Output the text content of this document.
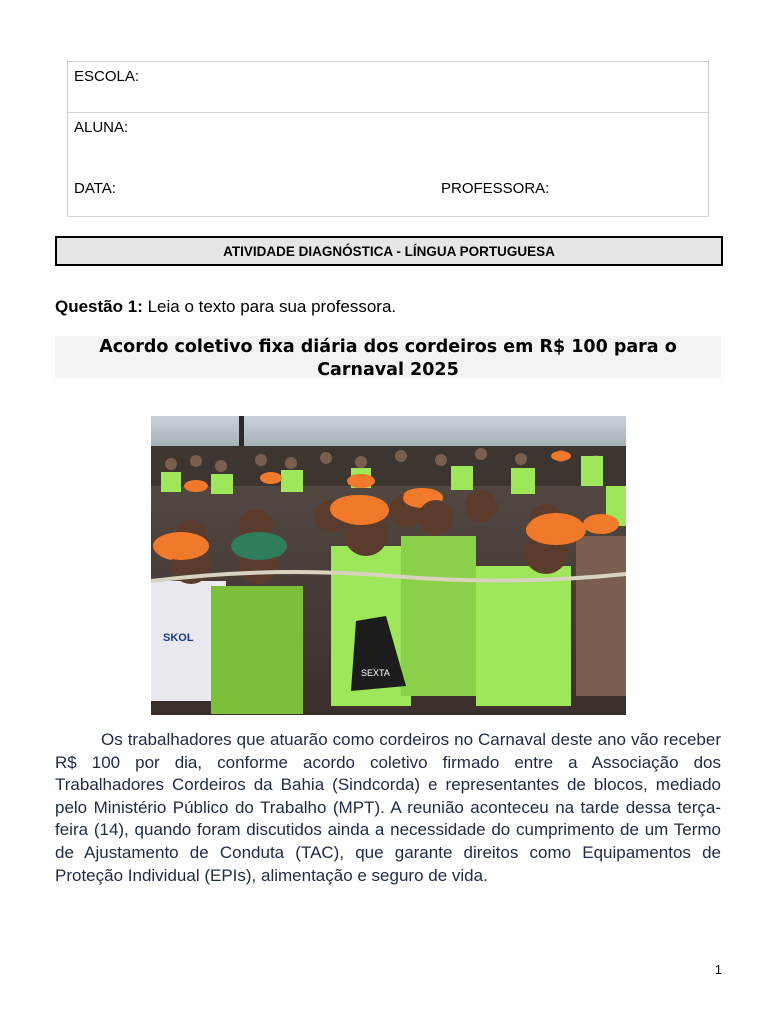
ESCOLA:
ALUNA:
DATA:	PROFESSORA:
ATIVIDADE DIAGNÓSTICA - LÍNGUA PORTUGUESA
Questão 1: Leia o texto para sua professora.
Acordo coletivo fixa diária dos cordeiros em R$ 100 para o Carnaval 2025
SEXTA
SKOL
Os trabalhadores que atuarão como cordeiros no Carnaval deste ano vão receber R$ 100 por dia, conforme acordo coletivo firmado entre a Associação dos Trabalhadores Cordeiros da Bahia (Sindcorda) e representantes de blocos, mediado pelo Ministério Público do Trabalho (MPT). A reunião aconteceu na tarde dessa terça-feira (14), quando foram discutidos ainda a necessidade do cumprimento de um Termo de Ajustamento de Conduta (TAC), que garante direitos como Equipamentos de Proteção Individual (EPIs), alimentação e seguro de vida.
1
